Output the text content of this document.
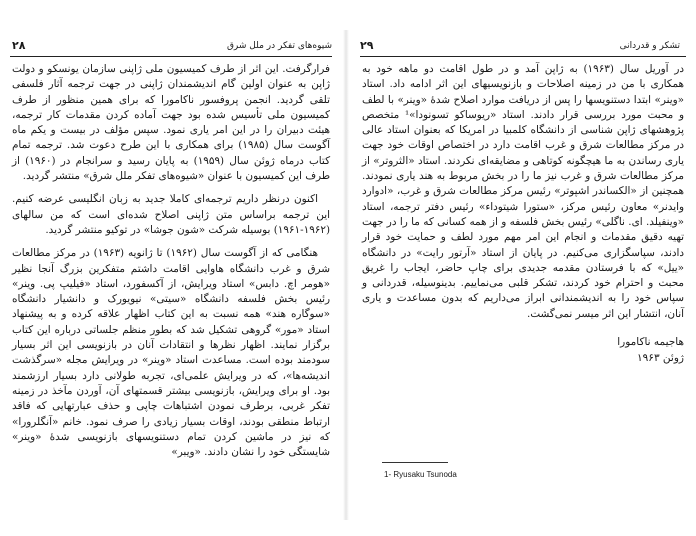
شیوه‌های تفکر در ملل شرق
۲۸

فرارگرفت. این اثر از طرف کمیسیون ملی ژاپنی سازمان یونسکو و دولت ژاپن به عنوان اولین گام اندیشمندان ژاپنی در جهت ترجمه آثار فلسفی تلقی گردید. انجمن پروفسور ناکامورا که برای همین منظور از طرف کمیسیون ملی تأسیس شده بود جهت آماده کردن مقدمات کار ترجمه، هیئت دبیران را در این امر یاری نمود. سپس مؤلف در بیست و یکم ماه آگوست سال (۱۹۸۵) برای همکاری با این طرح دعوت شد. ترجمه تمام کتاب درماه ژوئن سال (۱۹۵۹) به پایان رسید و سرانجام در (۱۹۶۰) از طرف این کمیسیون با عنوان «شیوه‌های تفکر ملل شرق» منتشر گردید.

اکنون درنظر داریم ترجمه‌ای کاملا جدید به زبان انگلیسی عرضه کنیم. این ترجمه براساس متن ژاپنی اصلاح شده‌ای است که من سالهای (۱۹۶۲-۱۹۶۱) بوسیله شرکت «شون جوشا» در توکیو منتشر گردید.

هنگامی که از آگوست سال (۱۹۶۲) تا ژانویه (۱۹۶۳) در مرکز مطالعات شرق و غرب دانشگاه هاوایی اقامت داشتم متفکرین بزرگ آنجا نظیر «هومر اچ. دابس» استاد ویرایش، از آکسفورد، استاد «فیلیپ پی. وینر» رئیس بخش فلسفه دانشگاه «سیتی» نیویورک و دانشیار دانشگاه «سوگاره هند» همه نسبت به این کتاب اظهار علاقه کرده و به پیشنهاد استاد «مور» گروهی تشکیل شد که بطور منظم جلساتی درباره این کتاب برگزار نمایند. اظهار نظرها و انتقادات آنان در بازنویسی این اثر بسیار سودمند بوده است. مساعدت استاد «وینر» در ویرایش مجله «سرگذشت اندیشه‌ها»، که در ویرایش علمی‌ای، تجربه طولانی دارد بسیار ارزشمند بود. او برای ویرایش، بازنویسی بیشتر قسمتهای آن، آوردن مآخذ در زمینه تفکر غربی، برطرف نمودن اشتباهات چاپی و حذف عبارتهایی که فاقد ارتباط منطقی بودند، اوقات بسیار زیادی را صرف نمود. خانم «آنگلرورا» که نیز در ماشین کردن تمام دستنویسهای بازنویسی شدهٔ «وینر» شایستگی خود را نشان دادند. «ویبر»

تشکر و قدردانی
۲۹

در آوریل سال (۱۹۶۳) به ژاپن آمد و در طول اقامت دو ماهه خود به همکاری با من در زمینه اصلاحات و بازنویسیهای این اثر ادامه داد. استاد «وینر» ابتدا دستنویسها را پس از دریافت موارد اصلاح شدهٔ «وینر» با لطف و محبت مورد بررسی قرار دادند. استاد «ریوساکو تسونودا»¹ متخصص پژوهشهای ژاپن شناسی از دانشگاه کلمبیا در امریکا که بعنوان استاد عالی در مرکز مطالعات شرق و غرب اقامت دارد در اختصاص اوقات خود جهت یاری رساندن به ما هیچگونه کوتاهی و مضایقه‌ای نکردند. استاد «الثروتر» از مرکز مطالعات شرق و غرب نیز ما را در بخش مربوط به هند یاری نمودند. همچنین از «الکساندر اشپوتر» رئیس مرکز مطالعات شرق و غرب، «ادوارد وایدنر» معاون رئیس مرکز، «ستورا شیتوداء» رئیس دفتر ترجمه، استاد «وینفیلد. ای. ناگلی» رئیس بخش فلسفه و از همه کسانی که ما را در جهت تهیه دقیق مقدمات و انجام این امر مهم مورد لطف و حمایت خود قرار دادند، سپاسگزاری می‌کنیم. در پایان از استاد «آرتور رایت» در دانشگاه «ییل» که با فرستادن مقدمه جدیدی برای چاپ حاضر، ایجاب را غریق محبت و احترام خود کردند، تشکر قلبی می‌نماییم. بدینوسیله، قدردانی و سپاس خود را به اندیشمندانی ابراز می‌داریم که بدون مساعدت و یاری آنان، انتشار این اثر میسر نمی‌گشت.

هاجیمه ناکامورا
ژوئن ۱۹۶۳
1- Ryusaku Tsunoda
